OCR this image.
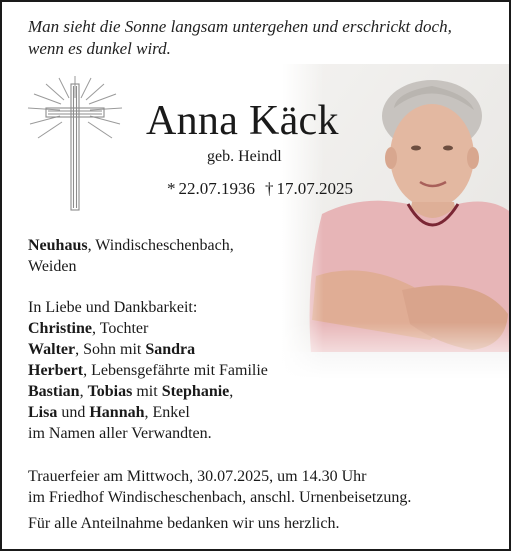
Man sieht die Sonne langsam untergehen und erschrickt doch,
wenn es dunkel wird.
Anna Käck
geb. Heindl
* 22.07.1936 † 17.07.2025
Neuhaus, Windischeschenbach,
Weiden
In Liebe und Dankbarkeit:
Christine, Tochter
Walter, Sohn mit Sandra
Herbert, Lebensgefährte mit Familie
Bastian, Tobias mit Stephanie,
Lisa und Hannah, Enkel
im Namen aller Verwandten.
Trauerfeier am Mittwoch, 30.07.2025, um 14.30 Uhr
im Friedhof Windischeschenbach, anschl. Urnenbeisetzung.
Für alle Anteilnahme bedanken wir uns herzlich.
